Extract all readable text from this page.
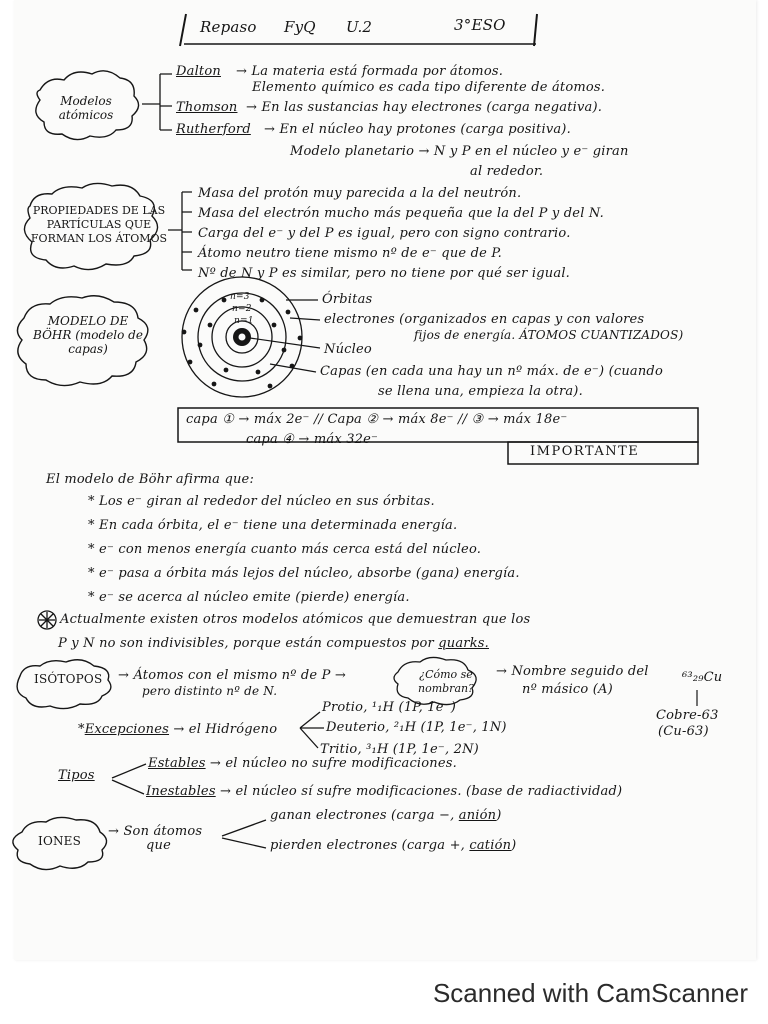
Repaso FyQ U.2	3°ESO
Modelos atómicos
Dalton → La materia está formada por átomos.
Elemento químico es cada tipo diferente de átomos.
Thomson → En las sustancias hay electrones (carga negativa).
Rutherford → En el núcleo hay protones (carga positiva).
Modelo planetario → N y P en el núcleo y e⁻ giran
al rededor.
PROPIEDADES DE LAS PARTÍCULAS QUE FORMAN LOS ÁTOMOS
Masa del protón muy parecida a la del neutrón.
Masa del electrón mucho más pequeña que la del P y del N.
Carga del e⁻ y del P es igual, pero con signo contrario.
Átomo neutro tiene mismo nº de e⁻ que de P.
Nº de N y P es similar, pero no tiene por qué ser igual.
MODELO DE BÖHR (modelo de capas)
n=3
n=2
n=1
Órbitas
electrones (organizados en capas y con valores
fijos de energía. ÁTOMOS CUANTIZADOS)
Núcleo
Capas (en cada una hay un nº máx. de e⁻) (cuando
se llena una, empieza la otra).
capa ① → máx 2e⁻ // Capa ② → máx 8e⁻ // ③ → máx 18e⁻
capa ④ → máx 32e⁻
IMPORTANTE
El modelo de Böhr afirma que:
* Los e⁻ giran al rededor del núcleo en sus órbitas.
* En cada órbita, el e⁻ tiene una determinada energía.
* e⁻ con menos energía cuanto más cerca está del núcleo.
* e⁻ pasa a órbita más lejos del núcleo, absorbe (gana) energía.
* e⁻ se acerca al núcleo emite (pierde) energía.
Actualmente existen otros modelos atómicos que demuestran que los
P y N no son indivisibles, porque están compuestos por quarks.
ISÓTOPOS → Átomos con el mismo nº de P →
pero distinto nº de N.
¿Cómo se nombran?
→ Nombre seguido del
nº másico (A)
⁶³₂₉Cu
Cobre-63
(Cu-63)
*Excepciones → el Hidrógeno
Protio, ¹₁H (1P, 1e⁻)
Deuterio, ²₁H (1P, 1e⁻, 1N)
Tritio, ³₁H (1P, 1e⁻, 2N)
Tipos
Estables → el núcleo no sufre modificaciones.
Inestables → el núcleo sí sufre modificaciones. (base de radiactividad)
IONES
→ Son átomos
que
ganan electrones (carga −, anión)
pierden electrones (carga +, catión)
Scanned with CamScanner
